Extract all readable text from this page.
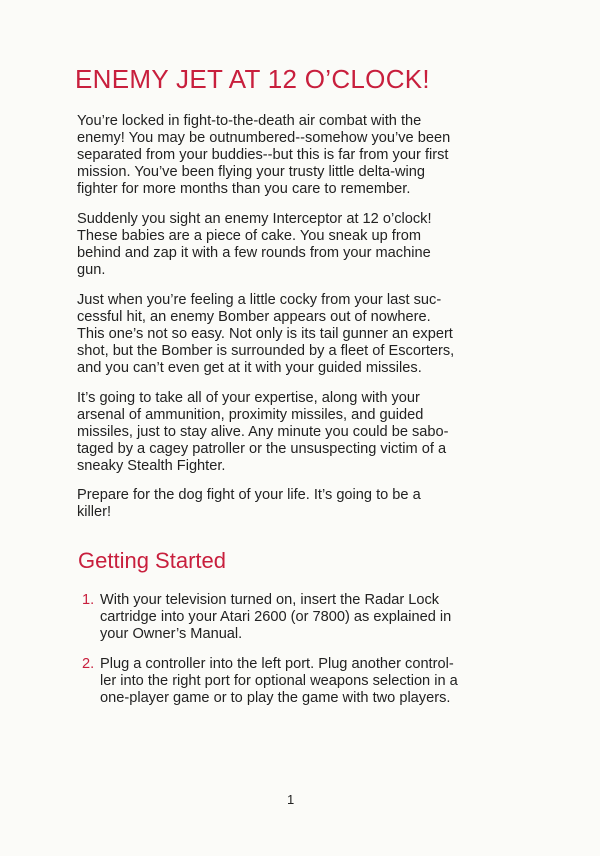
ENEMY JET AT 12 O’CLOCK!

You’re locked in fight-to-the-death air combat with the
enemy! You may be outnumbered--somehow you’ve been
separated from your buddies--but this is far from your first
mission. You’ve been flying your trusty little delta-wing
fighter for more months than you care to remember.

Suddenly you sight an enemy Interceptor at 12 o’clock!
These babies are a piece of cake. You sneak up from
behind and zap it with a few rounds from your machine
gun.

Just when you’re feeling a little cocky from your last suc-
cessful hit, an enemy Bomber appears out of nowhere.
This one’s not so easy. Not only is its tail gunner an expert
shot, but the Bomber is surrounded by a fleet of Escorters,
and you can’t even get at it with your guided missiles.

It’s going to take all of your expertise, along with your
arsenal of ammunition, proximity missiles, and guided
missiles, just to stay alive. Any minute you could be sabo-
taged by a cagey patroller or the unsuspecting victim of a
sneaky Stealth Fighter.

Prepare for the dog fight of your life. It’s going to be a
killer!

Getting Started
1. With your television turned on, insert the Radar Lock
cartridge into your Atari 2600 (or 7800) as explained in
your Owner’s Manual.
2. Plug a controller into the left port. Plug another control-
ler into the right port for optional weapons selection in a
one-player game or to play the game with two players.
1
